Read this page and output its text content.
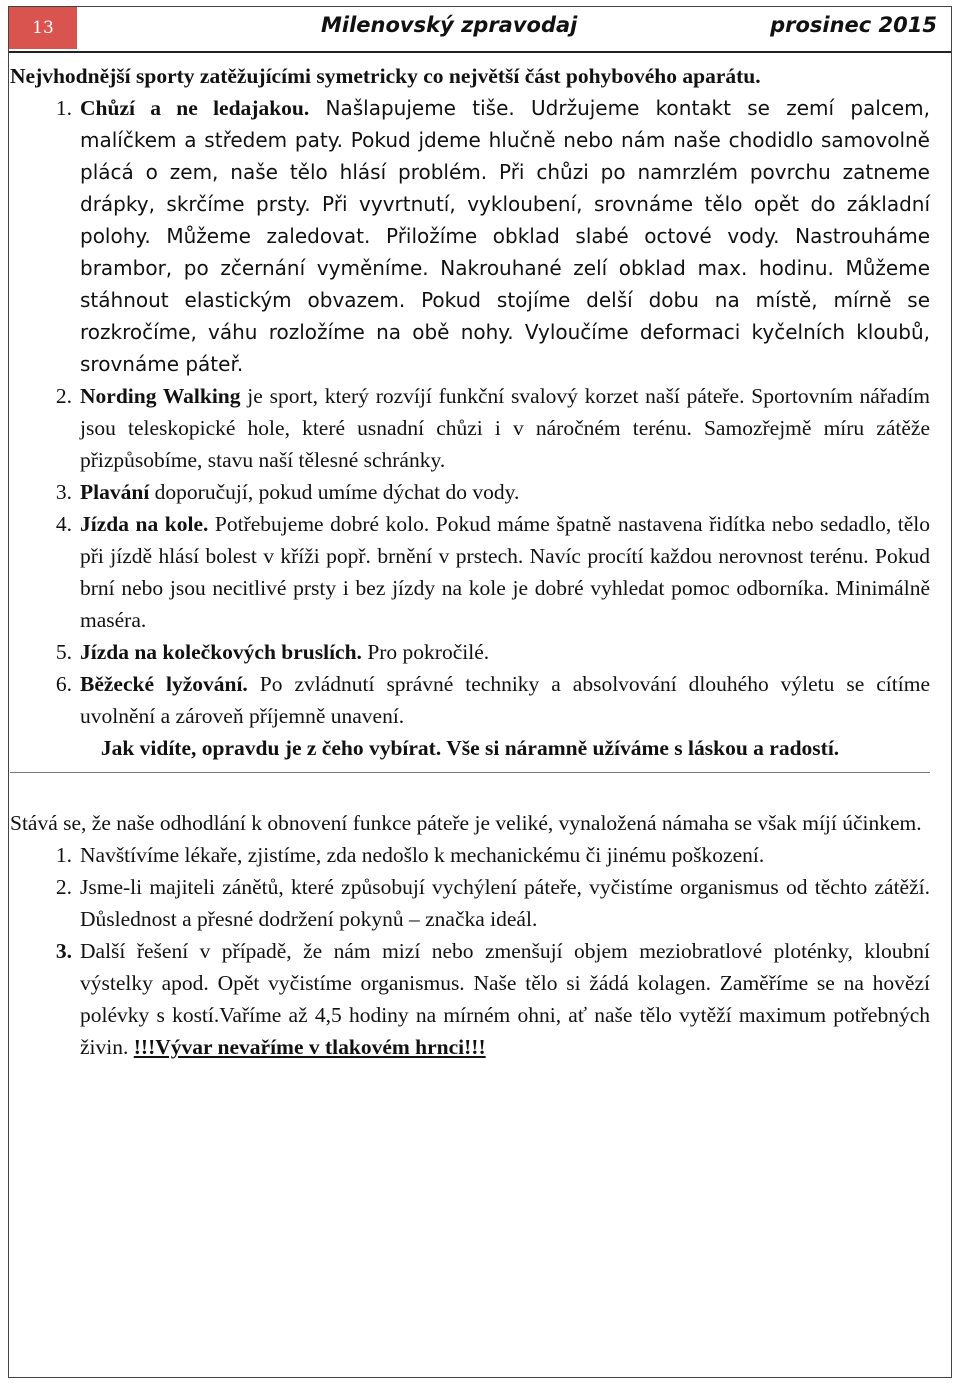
13	Milenovský zpravodaj	prosinec 2015

Nejvhodnější sporty zatěžujícími symetricky co největší část pohybového aparátu.

1. Chůzí a ne ledajakou. Našlapujeme tiše. Udržujeme kontakt se zemí palcem, malíčkem a středem paty. Pokud jdeme hlučně nebo nám naše chodidlo samovolně plácá o zem, naše tělo hlásí problém. Při chůzi po namrzlém povrchu zatneme drápky, skrčíme prsty. Při vyvrtnutí, vykloubení, srovnáme tělo opět do základní polohy. Můžeme zaledovat. Přiložíme obklad slabé octové vody. Nastrouháme brambor, po zčernání vyměníme. Nakrouhané zelí obklad max. hodinu. Můžeme stáhnout elastickým obvazem. Pokud stojíme delší dobu na místě, mírně se rozkročíme, váhu rozložíme na obě nohy. Vyloučíme deformaci kyčelních kloubů, srovnáme páteř.
2. Nording Walking je sport, který rozvíjí funkční svalový korzet naší páteře. Sportovním nářadím jsou teleskopické hole, které usnadní chůzi i v náročném terénu. Samozřejmě míru zátěže přizpůsobíme, stavu naší tělesné schránky.
3. Plavání doporučují, pokud umíme dýchat do vody.
4. Jízda na kole. Potřebujeme dobré kolo. Pokud máme špatně nastavena řidítka nebo sedadlo, tělo při jízdě hlásí bolest v kříži popř. brnění v prstech. Navíc procítí každou nerovnost terénu. Pokud brní nebo jsou necitlivé prsty i bez jízdy na kole je dobré vyhledat pomoc odborníka. Minimálně maséra.
5. Jízda na kolečkových bruslích. Pro pokročilé.
6. Běžecké lyžování. Po zvládnutí správné techniky a absolvování dlouhého výletu se cítíme uvolnění a zároveň příjemně unavení.

Jak vidíte, opravdu je z čeho vybírat. Vše si náramně užíváme s láskou a radostí.

Stává se, že naše odhodlání k obnovení funkce páteře je veliké, vynaložená námaha se však míjí účinkem.

1. Navštívíme lékaře, zjistíme, zda nedošlo k mechanickému či jinému poškození.
2. Jsme-li majiteli zánětů, které způsobují vychýlení páteře, vyčistíme organismus od těchto zátěží. Důslednost a přesné dodržení pokynů – značka ideál.
3. Další řešení v případě, že nám mizí nebo zmenšují objem meziobratlové ploténky, kloubní výstelky apod. Opět vyčistíme organismus. Naše tělo si žádá kolagen. Zaměříme se na hovězí polévky s kostí.Vaříme až 4,5 hodiny na mírném ohni, ať naše tělo vytěží maximum potřebných živin. !!!Vývar nevaříme v tlakovém hrnci!!!
